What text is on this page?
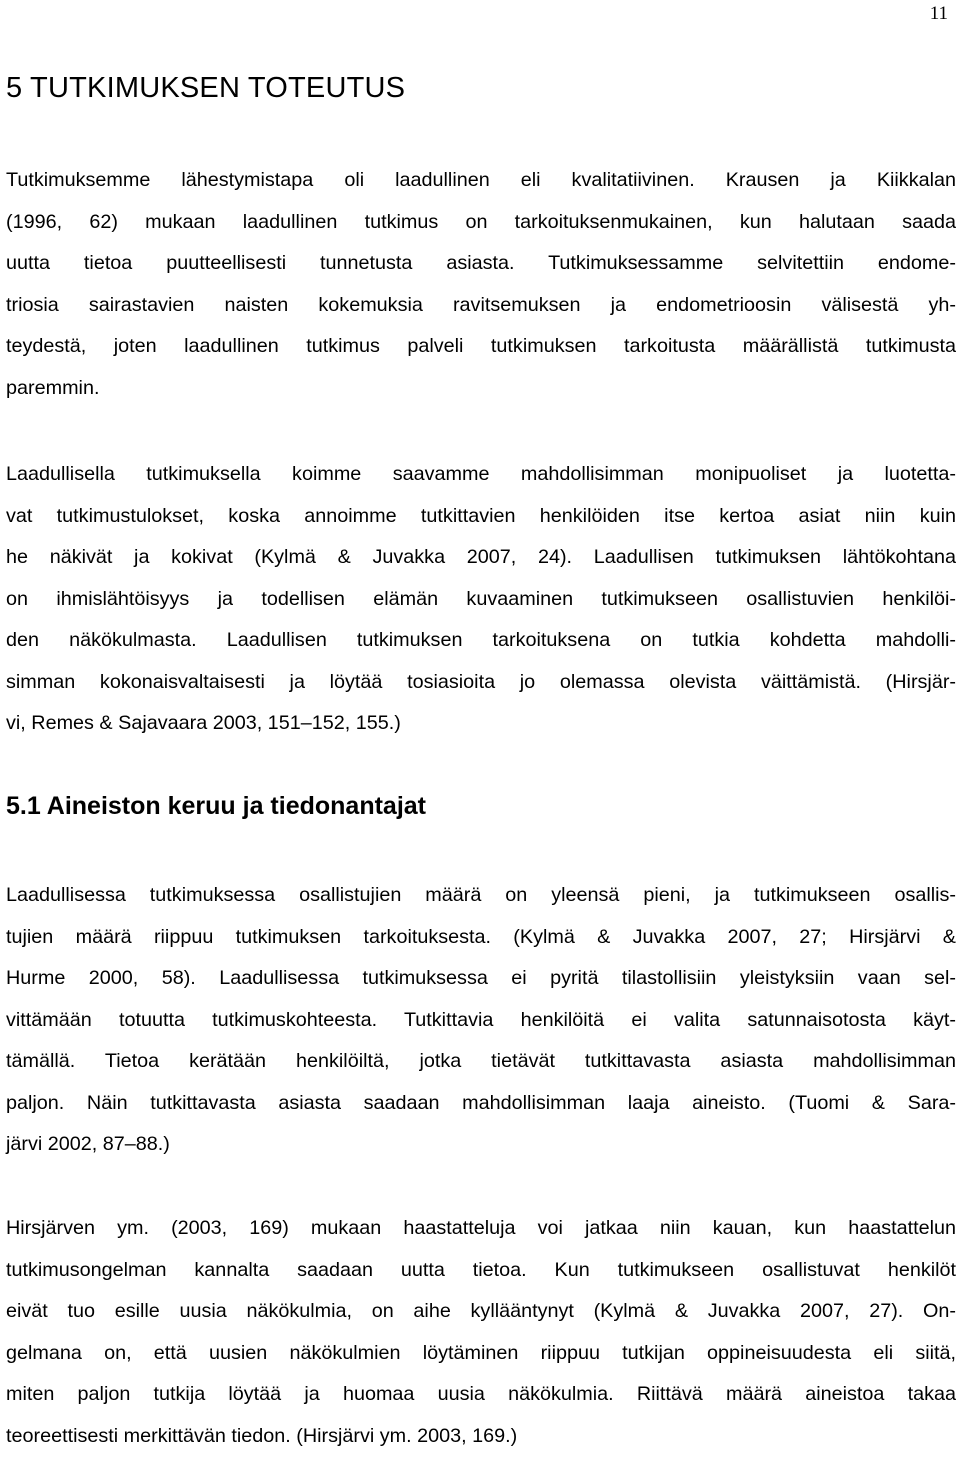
11
5 TUTKIMUKSEN TOTEUTUS
Tutkimuksemme lähestymistapa oli laadullinen eli kvalitatiivinen. Krausen ja Kiikkalan
(1996, 62) mukaan laadullinen tutkimus on tarkoituksenmukainen, kun halutaan saada
uutta tietoa puutteellisesti tunnetusta asiasta. Tutkimuksessamme selvitettiin endome-
triosia sairastavien naisten kokemuksia ravitsemuksen ja endometrioosin välisestä yh-
teydestä, joten laadullinen tutkimus palveli tutkimuksen tarkoitusta määrällistä tutkimusta
paremmin.
Laadullisella tutkimuksella koimme saavamme mahdollisimman monipuoliset ja luotetta-
vat tutkimustulokset, koska annoimme tutkittavien henkilöiden itse kertoa asiat niin kuin
he näkivät ja kokivat (Kylmä & Juvakka 2007, 24). Laadullisen tutkimuksen lähtökohtana
on ihmislähtöisyys ja todellisen elämän kuvaaminen tutkimukseen osallistuvien henkilöi-
den näkökulmasta. Laadullisen tutkimuksen tarkoituksena on tutkia kohdetta mahdolli-
simman kokonaisvaltaisesti ja löytää tosiasioita jo olemassa olevista väittämistä. (Hirsjär-
vi, Remes & Sajavaara 2003, 151–152, 155.)
5.1 Aineiston keruu ja tiedonantajat
Laadullisessa tutkimuksessa osallistujien määrä on yleensä pieni, ja tutkimukseen osallis-
tujien määrä riippuu tutkimuksen tarkoituksesta. (Kylmä & Juvakka 2007, 27; Hirsjärvi &
Hurme 2000, 58). Laadullisessa tutkimuksessa ei pyritä tilastollisiin yleistyksiin vaan sel-
vittämään totuutta tutkimuskohteesta. Tutkittavia henkilöitä ei valita satunnaisotosta käyt-
tämällä. Tietoa kerätään henkilöiltä, jotka tietävät tutkittavasta asiasta mahdollisimman
paljon. Näin tutkittavasta asiasta saadaan mahdollisimman laaja aineisto. (Tuomi & Sara-
järvi 2002, 87–88.)
Hirsjärven ym. (2003, 169) mukaan haastatteluja voi jatkaa niin kauan, kun haastattelun
tutkimusongelman kannalta saadaan uutta tietoa. Kun tutkimukseen osallistuvat henkilöt
eivät tuo esille uusia näkökulmia, on aihe kyllääntynyt (Kylmä & Juvakka 2007, 27). On-
gelmana on, että uusien näkökulmien löytäminen riippuu tutkijan oppineisuudesta eli siitä,
miten paljon tutkija löytää ja huomaa uusia näkökulmia. Riittävä määrä aineistoa takaa
teoreettisesti merkittävän tiedon. (Hirsjärvi ym. 2003, 169.)
